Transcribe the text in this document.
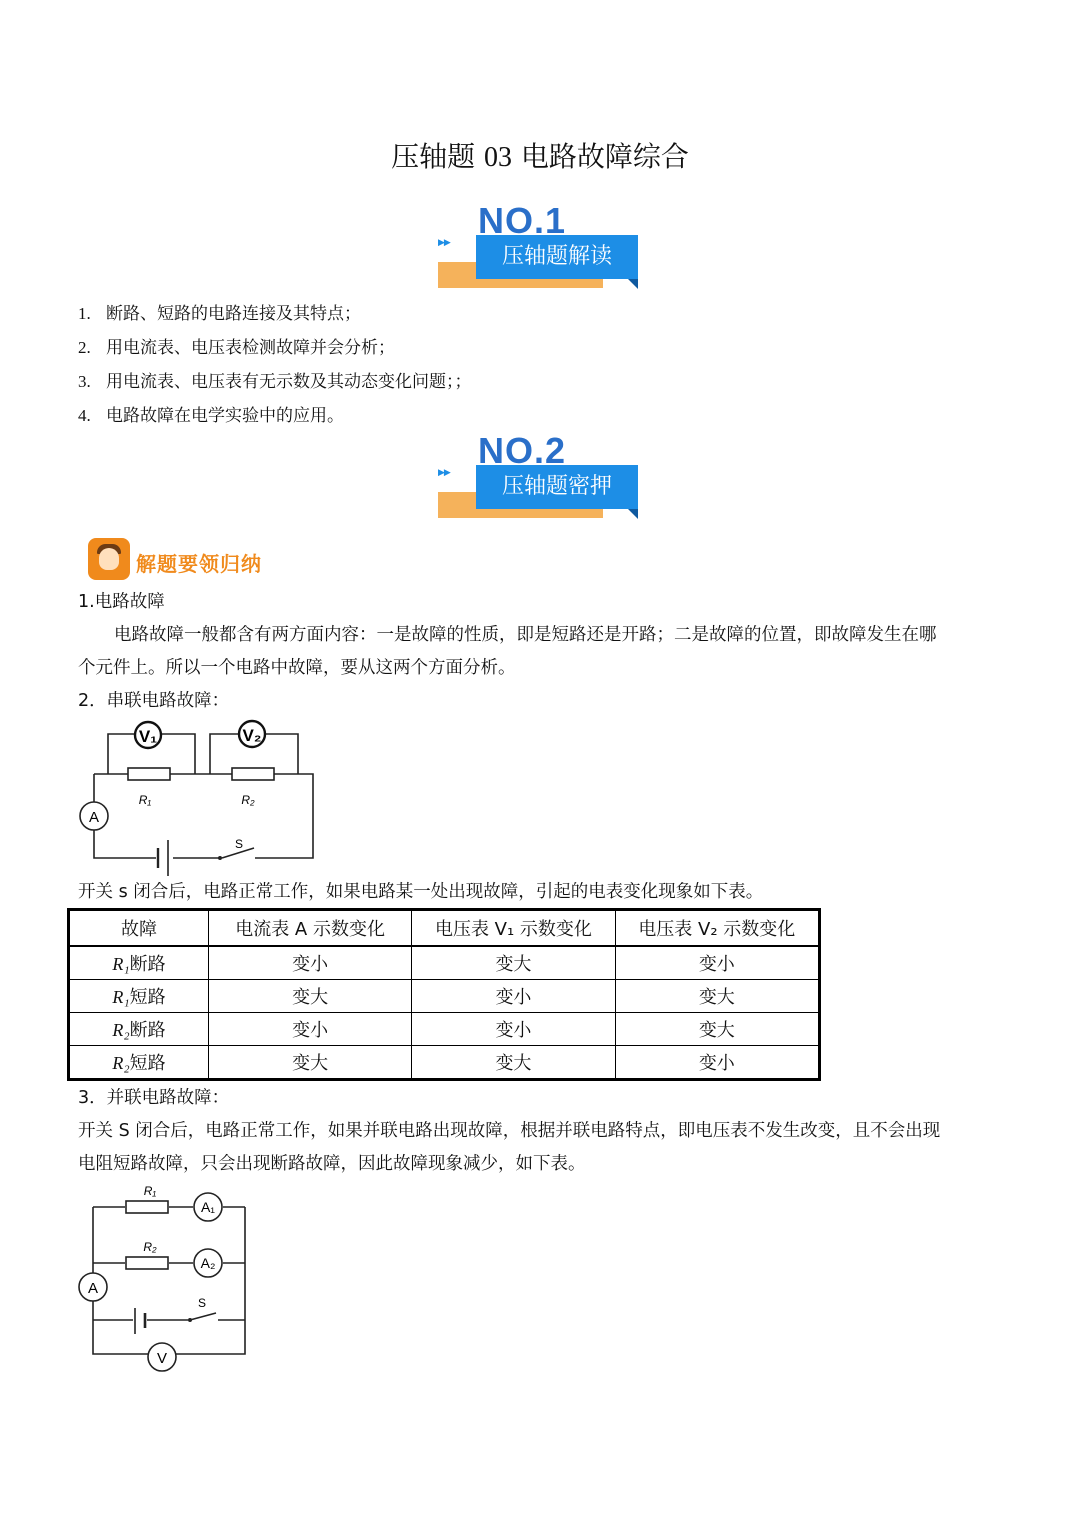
压轴题 03 电路故障综合
▶▶
压轴题解读
NO.1
1. 断路、短路的电路连接及其特点；
2. 用电流表、电压表检测故障并会分析；
3. 用电流表、电压表有无示数及其动态变化问题；；
4. 电路故障在电学实验中的应用。
▶▶
压轴题密押
NO.2
解题要领归纳
1.电路故障
电路故障一般都含有两方面内容：一是故障的性质，即是短路还是开路；二是故障的位置，即故障发生在哪
个元件上。所以一个电路中故障，要从这两个方面分析。
2．串联电路故障：
V₁	V₂
A
R₁	R₂
S
开关 s 闭合后，电路正常工作，如果电路某一处出现故障，引起的电表变化现象如下表。
故障	电流表 A 示数变化	电压表 V₁ 示数变化	电压表 V₂ 示数变化
R₁断路	变小	变大	变小
R₁短路	变大	变小	变大
R₂断路	变小	变小	变大
R₂短路	变大	变大	变小
3．并联电路故障：
开关 S 闭合后，电路正常工作，如果并联电路出现故障，根据并联电路特点，即电压表不发生改变，且不会出现
电阻短路故障，只会出现断路故障，因此故障现象减少，如下表。
R₁
R₂
A₁
A₂
A
V
S
